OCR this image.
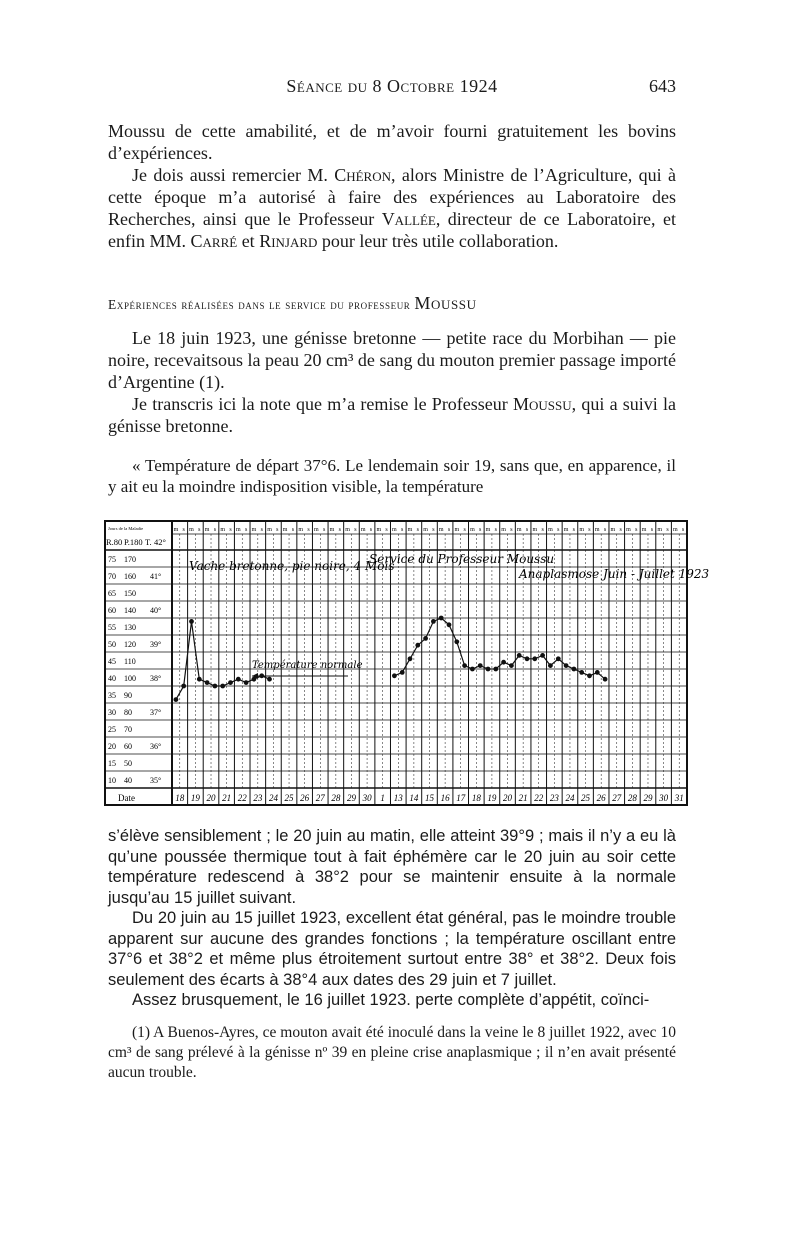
Séance du 8 Octobre 1924	643

Moussu de cette amabilité, et de m’avoir fourni gratuitement les bovins d’expériences.

Je dois aussi remercier M. Chéron, alors Ministre de l’Agriculture, qui à cette époque m’a autorisé à faire des expériences au Laboratoire des Recherches, ainsi que le Professeur Vallée, directeur de ce Laboratoire, et enfin MM. Carré et Rinjard pour leur très utile collaboration.

Expériences réalisées dans le service du professeur Moussu

Le 18 juin 1923, une génisse bretonne — petite race du Morbihan — pie noire, recevaitsous la peau 20 cm³ de sang du mouton premier passage importé d’Argentine (1).

Je transcris ici la note que m’a remise le Professeur Moussu, qui a suivi la génisse bretonne.

« Température de départ 37°6. Le lendemain soir 19, sans que, en apparence, il y ait eu la moindre indisposition visible, la température

m s m s m s m s m s m s m s m s m s m s m s m s m s m s m s m s m s m s m s m s m s m s m s m s m s m s m s m s m s m s m s m s m s
Jours de la Maladie
R.80 P.180 T. 42°
75 170
70 160 41°
65 150
60 140 40°
55 130
50 120 39°
45 110
40 100 38°
35 90
30 80 37°
25 70
20 60 36°
15 50
10 40 35°
Vache bretonne, pie noire, 4 Mois
Service du Professeur Moussu
Anaplasmose Juin - Juillet 1923
Température normale
Date	18 19 20 21 22 23 24 25 26 27 28 29 30 1 13 14 15 16 17 18 19 20 21 22 23 24 25 26 27 28 29 30 31

s’élève sensiblement ; le 20 juin au matin, elle atteint 39°9 ; mais il n’y a eu là qu’une poussée thermique tout à fait éphémère car le 20 juin au soir cette température redescend à 38°2 pour se maintenir ensuite à la normale jusqu’au 15 juillet suivant.

Du 20 juin au 15 juillet 1923, excellent état général, pas le moindre trouble apparent sur aucune des grandes fonctions ; la température oscillant entre 37°6 et 38°2 et même plus étroitement surtout entre 38° et 38°2. Deux fois seulement des écarts à 38°4 aux dates des 29 juin et 7 juillet.

Assez brusquement, le 16 juillet 1923. perte complète d’appétit, coïnci-

(1) A Buenos-Ayres, ce mouton avait été inoculé dans la veine le 8 juillet 1922, avec 10 cm³ de sang prélevé à la génisse nº 39 en pleine crise anaplasmique ; il n’en avait présenté aucun trouble.
